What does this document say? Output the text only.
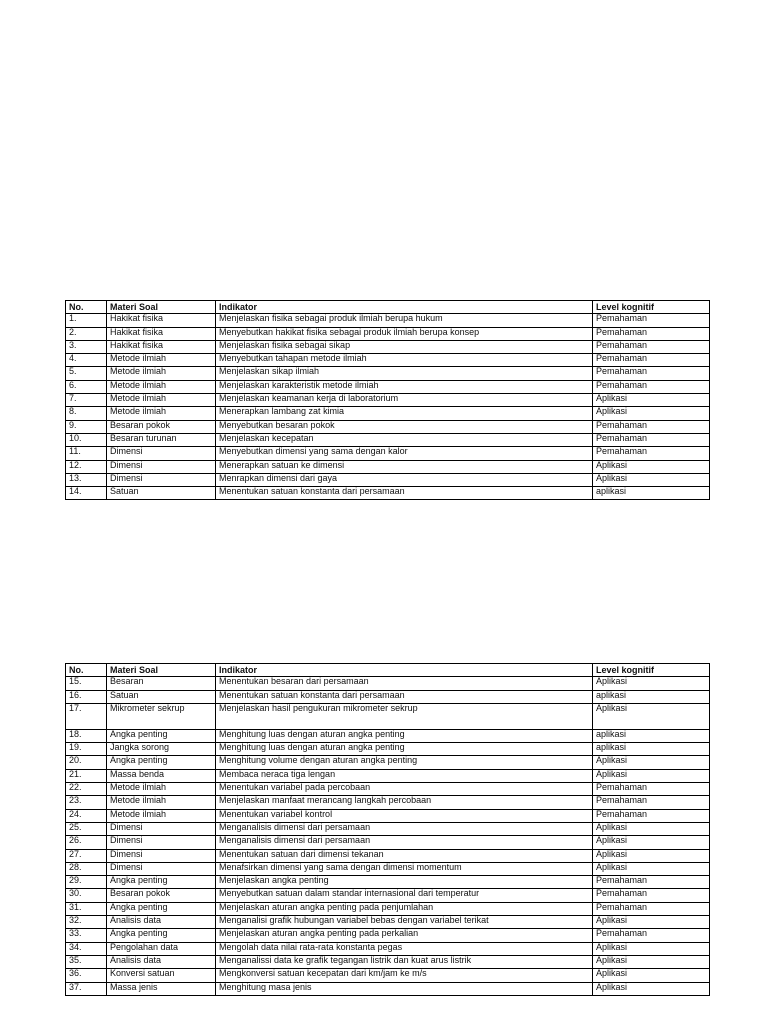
No.	Materi Soal	Indikator	Level kognitif
1.	Hakikat fisika	Menjelaskan fisika sebagai produk ilmiah berupa hukum	Pemahaman
2.	Hakikat fisika	Menyebutkan hakikat fisika sebagai produk ilmiah berupa konsep	Pemahaman
3.	Hakikat fisika	Menjelaskan fisika sebagai sikap	Pemahaman
4.	Metode ilmiah	Menyebutkan tahapan metode ilmiah	Pemahaman
5.	Metode ilmiah	Menjelaskan sikap ilmiah	Pemahaman
6.	Metode ilmiah	Menjelaskan karakteristik metode ilmiah	Pemahaman
7.	Metode ilmiah	Menjelaskan keamanan kerja di laboratorium	Aplikasi
8.	Metode ilmiah	Menerapkan lambang zat kimia	Aplikasi
9.	Besaran pokok	Menyebutkan besaran pokok	Pemahaman
10.	Besaran turunan	Menjelaskan kecepatan	Pemahaman
11.	Dimensi	Menyebutkan dimensi yang sama dengan kalor	Pemahaman
12.	Dimensi	Menerapkan satuan ke dimensi	Aplikasi
13.	Dimensi	Menrapkan dimensi dari gaya	Aplikasi
14.	Satuan	Menentukan satuan konstanta dari persamaan	aplikasi
No.	Materi Soal	Indikator	Level kognitif
15.	Besaran	Menentukan besaran dari persamaan	Aplikasi
16.	Satuan	Menentukan satuan konstanta dari persamaan	aplikasi
17.	Mikrometer sekrup	Menjelaskan hasil pengukuran mikrometer sekrup	Aplikasi
18.	Angka penting	Menghitung luas dengan aturan angka penting	aplikasi
19.	Jangka sorong	Menghitung luas dengan aturan angka penting	aplikasi
20.	Angka penting	Menghitung volume dengan aturan angka penting	Aplikasi
21.	Massa benda	Membaca neraca tiga lengan	Aplikasi
22.	Metode ilmiah	Menentukan variabel pada percobaan	Pemahaman
23.	Metode ilmiah	Menjelaskan manfaat merancang langkah percobaan	Pemahaman
24.	Metode ilmiah	Menentukan variabel kontrol	Pemahaman
25.	Dimensi	Menganalisis dimensi dari persamaan	Aplikasi
26.	Dimensi	Menganalisis dimensi dari persamaan	Aplikasi
27.	Dimensi	Menentukan satuan dari dimensi tekanan	Aplikasi
28.	Dimensi	Menafsirkan dimensi yang sama dengan dimensi momentum	Aplikasi
29.	Angka penting	Menjelaskan angka penting	Pemahaman
30.	Besaran pokok	Menyebutkan satuan dalam standar internasional dari temperatur	Pemahaman
31.	Angka penting	Menjelaskan aturan angka penting pada penjumlahan	Pemahaman
32.	Analisis data	Menganalisi grafik hubungan variabel bebas dengan variabel terikat	Aplikasi
33.	Angka penting	Menjelaskan aturan angka penting pada perkalian	Pemahaman
34.	Pengolahan data	Mengolah data nilai rata-rata konstanta pegas	Aplikasi
35.	Analisis data	Menganalissi data ke grafik tegangan listrik dan kuat arus listrik	Aplikasi
36.	Konversi satuan	Mengkonversi satuan kecepatan dari km/jam ke m/s	Aplikasi
37.	Massa jenis	Menghitung masa jenis	Aplikasi
